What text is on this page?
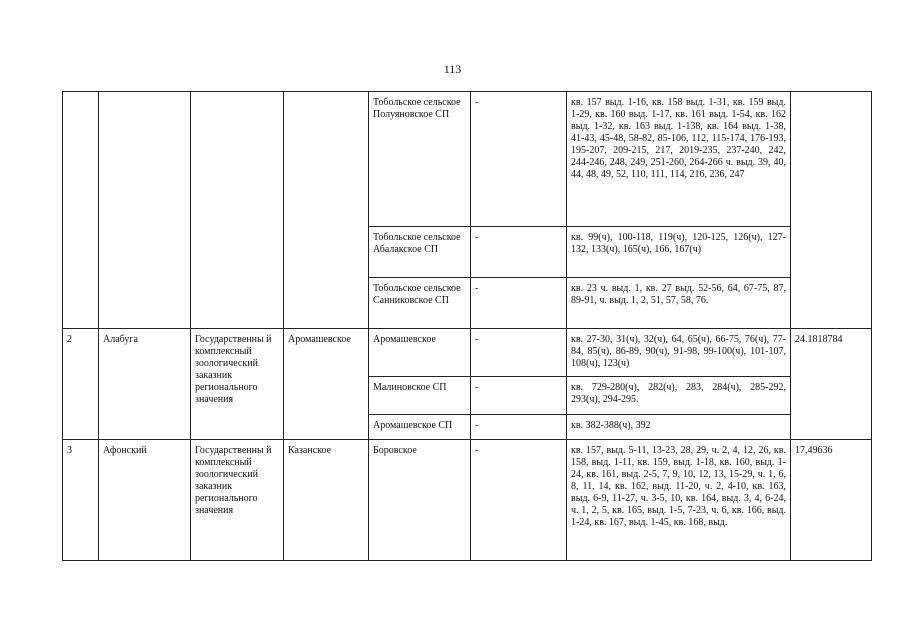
113
				Тобольское сельское Полуяновское СП	-	кв. 157 выд. 1-16, кв. 158 выд. 1-31, кв. 159 выд. 1-29, кв. 160 выд. 1-17, кв. 161 выд. 1-54, кв. 162 выд. 1-32, кв. 163 выд. 1-138, кв. 164 выд. 1-38, 41-43, 45-48, 58-82, 85-106, 112, 115-174, 176-193, 195-207, 209-215, 217, 2019-235, 237-240, 242, 244-246, 248, 249, 251-260, 264-266 ч. выд. 39, 40, 44, 48, 49, 52, 110, 111, 114, 216, 236, 247	
				Тобольское сельское Абалакское СП	-	кв. 99(ч), 100-118, 119(ч), 120-125, 126(ч), 127-132, 133(ч), 165(ч), 166, 167(ч)	
				Тобольское сельское Санниковское СП	-	кв. 23 ч. выд. 1, кв. 27 выд. 52-56, 64, 67-75, 87, 89-91, ч. выд. 1, 2, 51, 57, 58, 76.	
2	Алабуга	Государственны й комплексный зоологический заказник регионального значения	Аромашевское	Аромашевское	-	кв. 27-30, 31(ч), 32(ч), 64, 65(ч), 66-75, 76(ч), 77-84, 85(ч), 86-89, 90(ч), 91-98, 99-100(ч), 101-107, 108(ч), 123(ч)	24.1818784
				Малиновское СП	-	кв. 729-280(ч), 282(ч), 283, 284(ч), 285-292, 293(ч), 294-295.	
				Аромашевское СП	-	кв. 382-388(ч), 392	
3	Афонский	Государственны й комплексный зоологический заказник регионального значения	Казанское	Боровское	-	кв. 157, выд. 5-11, 13-23, 28, 29, ч. 2, 4, 12, 26, кв. 158, выд. 1-11, кв. 159, выд. 1-18, кв. 160, выд. 1-24, кв. 161, выд. 2-5, 7, 9, 10, 12, 13, 15-29, ч. 1, 6, 8, 11, 14, кв. 162, выд. 11-20, ч. 2, 4-10, кв. 163, выд. 6-9, 11-27, ч. 3-5, 10, кв. 164, выд. 3, 4, 6-24, ч. 1, 2, 5, кв. 165, выд. 1-5, 7-23, ч. 6, кв. 166, выд. 1-24, кв. 167, выд. 1-45, кв. 168, выд.	17,49636
